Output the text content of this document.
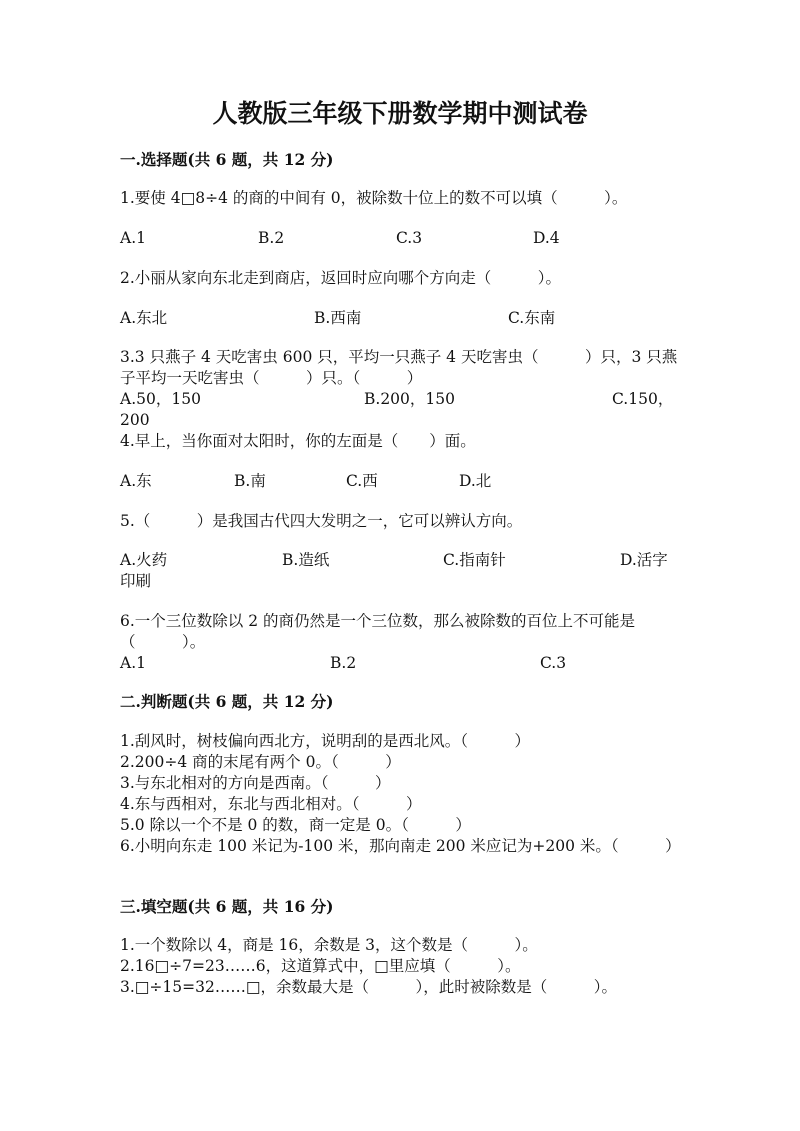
人教版三年级下册数学期中测试卷
一.选择题(共 6 题，共 12 分)
1.要使 4□8÷4 的商的中间有 0，被除数十位上的数不可以填（　　　）。
A.1	B.2	C.3	D.4
2.小丽从家向东北走到商店，返回时应向哪个方向走（　　　）。
A.东北	B.西南	C.东南
3.3 只燕子 4 天吃害虫 600 只，平均一只燕子 4 天吃害虫（　　　）只，3 只燕
子平均一天吃害虫（　　　）只。（　　　）
A.50，150	B.200，150	C.150，
200
4.早上，当你面对太阳时，你的左面是（　　）面。
A.东	B.南	C.西	D.北
5.（　　　）是我国古代四大发明之一，它可以辨认方向。
A.火药	B.造纸	C.指南针	D.活字
印刷
6.一个三位数除以 2 的商仍然是一个三位数，那么被除数的百位上不可能是
（　　　）。
A.1	B.2	C.3
二.判断题(共 6 题，共 12 分)
1.刮风时，树枝偏向西北方，说明刮的是西北风。（　　　）
2.200÷4 商的末尾有两个 0。（　　　）
3.与东北相对的方向是西南。（　　　）
4.东与西相对，东北与西北相对。（　　　）
5.0 除以一个不是 0 的数，商一定是 0。（　　　）
6.小明向东走 100 米记为-100 米，那向南走 200 米应记为+200 米。（　　　）
三.填空题(共 6 题，共 16 分)
1.一个数除以 4，商是 16，余数是 3，这个数是（　　　）。
2.16□÷7=23……6，这道算式中，□里应填（　　　）。
3.□÷15=32……□，余数最大是（　　　），此时被除数是（　　　）。
